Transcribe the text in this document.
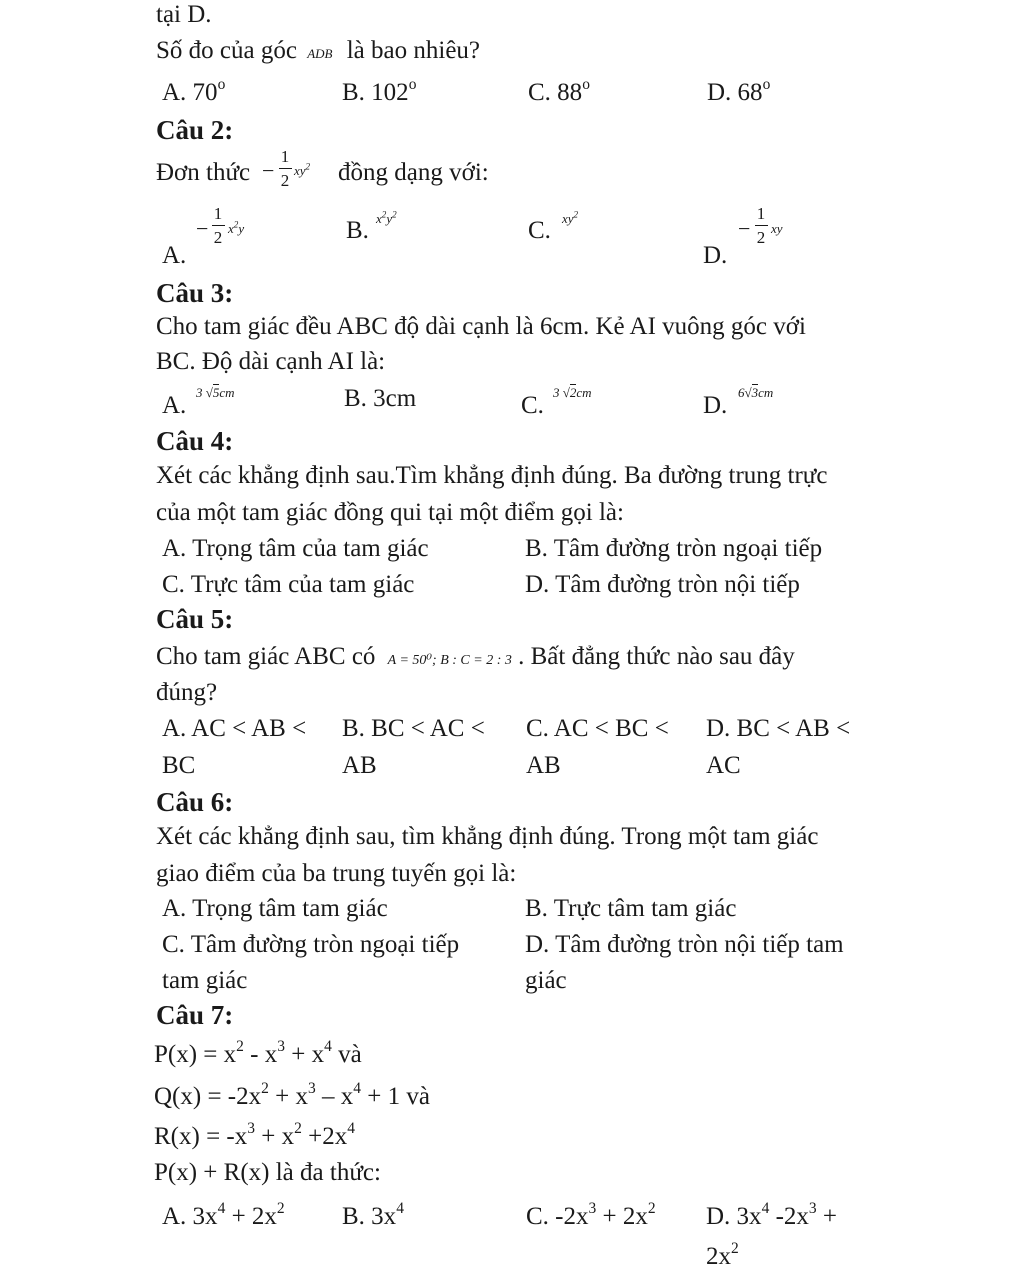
tại D.
Số đo của góc ADB là bao nhiêu?
A. 70$^o$	B. 102$^o$	C. 88$^o$	D. 68$^o$
Câu 2:
Đơn thức −
1
2
$xy^2$ đồng dạng với:
A.
−
1
2 $x^2y$	B. $x^2y^2$
C. $xy^2$
D.
−
1
2 xy
Câu 3:
Cho tam giác đều ABC độ dài cạnh là 6cm. Kẻ AI vuông góc với
BC. Độ dài cạnh AI là:
A. 3 √5cm	B. 3cm	C. 3 √2cm	D. 6√3cm
Câu 4:
Xét các khẳng định sau.Tìm khẳng định đúng. Ba đường trung trực
của một tam giác đồng qui tại một điểm gọi là:
A. Trọng tâm của tam giác	B. Tâm đường tròn ngoại tiếp
C. Trực tâm của tam giác	D. Tâm đường tròn nội tiếp
Câu 5:
Cho tam giác ABC có A = 50⁰; B : C = 2 : 3 . Bất đẳng thức nào sau đây
đúng?
A. AC < AB <
BC
B. BC < AC <
AB
C. AC < BC <
AB
D. BC < AB <
AC
Câu 6:
Xét các khẳng định sau, tìm khẳng định đúng. Trong một tam giác
giao điểm của ba trung tuyến gọi là:
A. Trọng tâm tam giác	B. Trực tâm tam giác
C. Tâm đường tròn ngoại tiếp
tam giác
D. Tâm đường tròn nội tiếp tam
giác
Câu 7:
$P(x) = x^2 - x^3 + x^4$ và
$Q(x) = -2x^2 + x^3 - x^4 + 1$ và
$R(x) = -x^3 + x^2 +2x^4$
P(x) + R(x) là đa thức:
A. $3x^4 + 2x^2$ B. $3x^4$	C. $-2x^3 + 2x^2$ D. $3x^4$ $-2x^3$ +
$2x^2$
